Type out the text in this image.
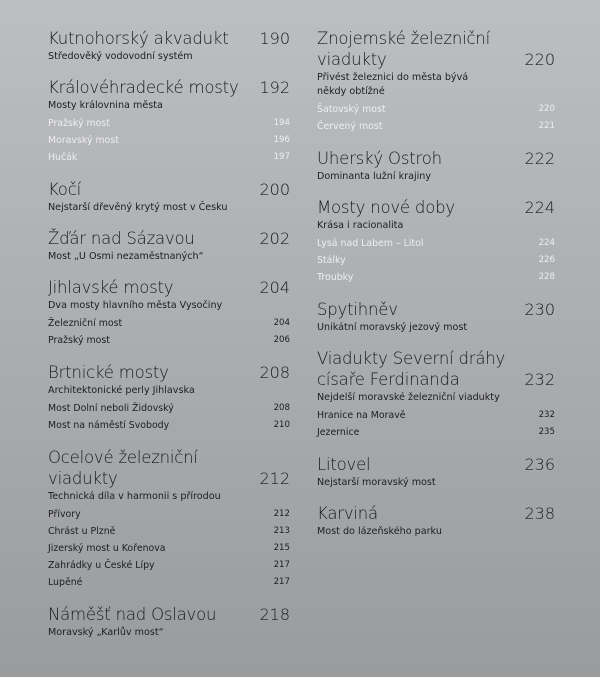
Kutnohorský akvadukt 190
Středověký vodovodní systém
Královéhradecké mosty 192
Mosty královnina města
Pražský most	194
Moravský most	196
Hučák	197
Kočí	200
Nejstarší dřevěný krytý most v Česku
Žďár nad Sázavou	202
Most „U Osmi nezaměstnaných“
Jihlavské mosty	204
Dva mosty hlavního města Vysočiny
Železniční most	204
Pražský most	206
Brtnické mosty	208
Architektonické perly Jihlavska
Most Dolní neboli Židovský	208
Most na náměstí Svobody	210
Ocelové železniční
viadukty	212
Technická díla v harmonii s přírodou
Přívory	212
Chrást u Plzně	213
Jizerský most u Kořenova	215
Zahrádky u České Lípy	217
Lupěné	217
Náměšť nad Oslavou	218
Moravský „Karlův most“
Znojemské železniční
viadukty	220
Přivést železnici do města bývá
někdy obtížné
Šatovský most	220
Červený most	221
Uherský Ostroh	222
Dominanta lužní krajiny
Mosty nové doby	224
Krása i racionalita
Lysá nad Labem – Litol	224
Stálky	226
Troubky	228
Spytihněv	230
Unikátní moravský jezový most
Viadukty Severní dráhy
císaře Ferdinanda	232
Nejdelší moravské železniční viadukty
Hranice na Moravě	232
Jezernice	235
Litovel	236
Nejstarší moravský most
Karviná	238
Most do lázeňského parku
